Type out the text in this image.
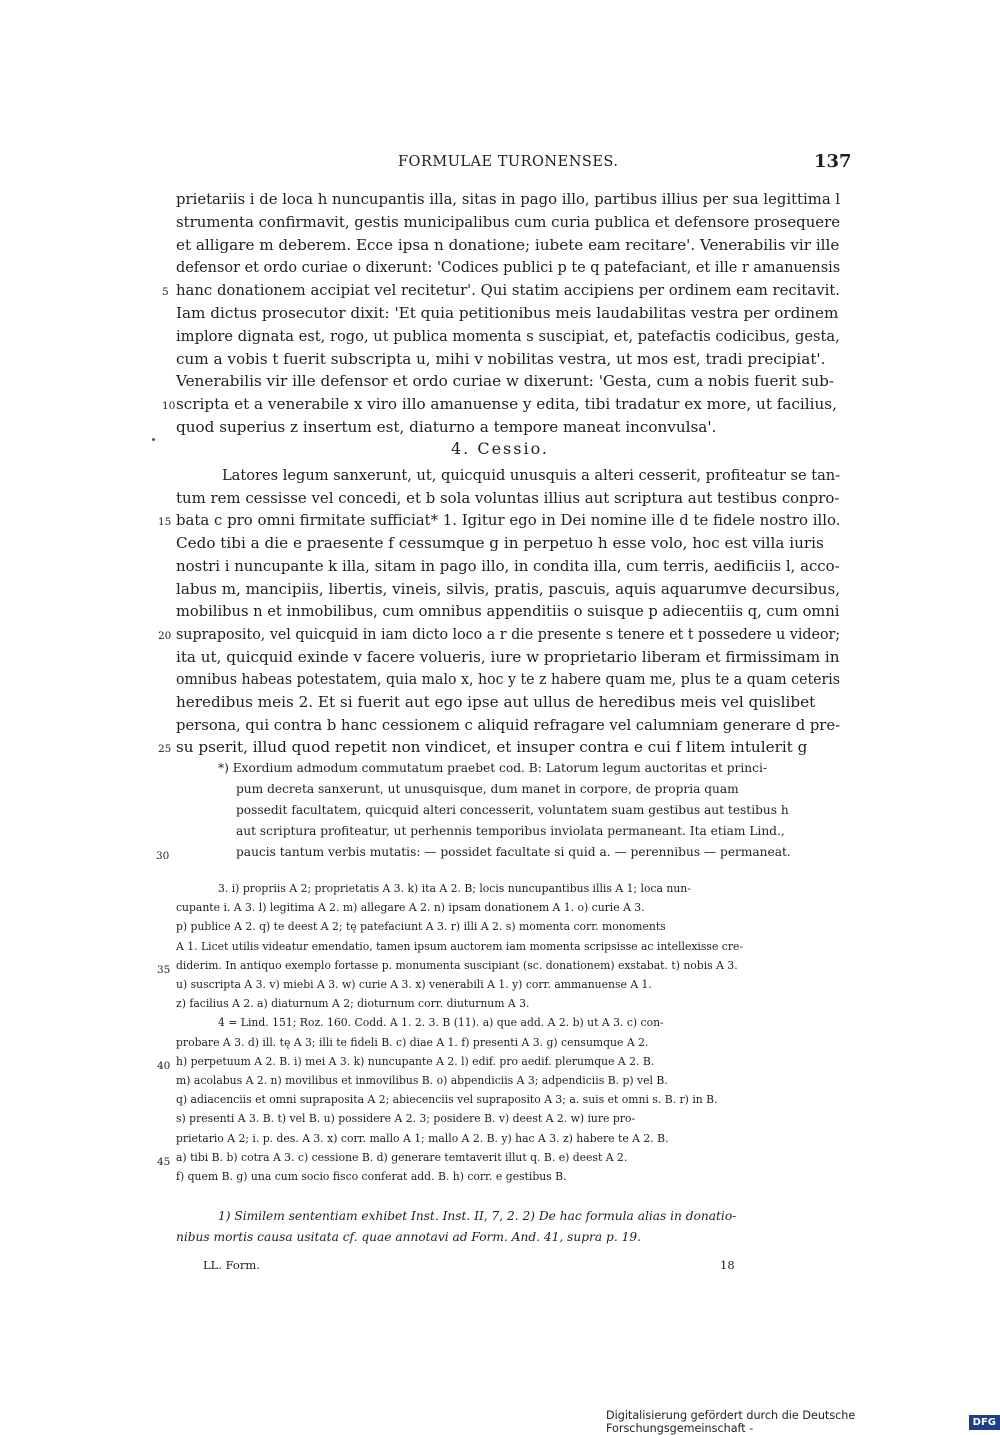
FORMULAE TURONENSES.	137
prietariis i de loca h nuncupantis illa, sitas in pago illo, partibus illius per sua legittima l
strumenta confirmavit, gestis municipalibus cum curia publica et defensore prosequere
et alligare m deberem. Ecce ipsa n donatione; iubete eam recitare'. Venerabilis vir ille
defensor et ordo curiae o dixerunt: 'Codices publici p te q patefaciant, et ille r amanuensis
5 hanc donationem accipiat vel recitetur'. Qui statim accipiens per ordinem eam recitavit.
Iam dictus prosecutor dixit: 'Et quia petitionibus meis laudabilitas vestra per ordinem
implore dignata est, rogo, ut publica momenta s suscipiat, et, patefactis codicibus, gesta,
cum a vobis t fuerit subscripta u, mihi v nobilitas vestra, ut mos est, tradi precipiat'.
Venerabilis vir ille defensor et ordo curiae w dixerunt: 'Gesta, cum a nobis fuerit sub-
10 scripta et a venerabile x viro illo amanuense y edita, tibi tradatur ex more, ut facilius,
quod superius z insertum est, diaturno a tempore maneat inconvulsa'.
Latores legum sanxerunt, ut, quicquid unusquis a alteri cesserit, profiteatur se tan-
tum rem cessisse vel concedi, et b sola voluntas illius aut scriptura aut testibus conpro-
15 bata c pro omni firmitate sufficiat* 1. Igitur ego in Dei nomine ille d te fidele nostro illo.
Cedo tibi a die e praesente f cessumque g in perpetuo h esse volo, hoc est villa iuris
nostri i nuncupante k illa, sitam in pago illo, in condita illa, cum terris, aedificiis l, acco-
labus m, mancipiis, libertis, vineis, silvis, pratis, pascuis, aquis aquarumve decursibus,
mobilibus n et inmobilibus, cum omnibus appenditiis o suisque p adiecentiis q, cum omni
20 supraposito, vel quicquid in iam dicto loco a r die presente s tenere et t possedere u videor;
ita ut, quicquid exinde v facere volueris, iure w proprietario liberam et firmissimam in
omnibus habeas potestatem, quia malo x, hoc y te z habere quam me, plus te a quam ceteris
heredibus meis 2. Et si fuerit aut ego ipse aut ullus de heredibus meis vel quislibet
persona, qui contra b hanc cessionem c aliquid refragare vel calumniam generare d pre-
25 su pserit, illud quod repetit non vindicet, et insuper contra e cui f litem intulerit g
4. Cessio.
*) Exordium admodum commutatum praebet cod. B: Latorum legum auctoritas et princi-
pum decreta sanxerunt, ut unusquisque, dum manet in corpore, de propria quam
possedit facultatem, quicquid alteri concesserit, voluntatem suam gestibus aut testibus h
aut scriptura profiteatur, ut perhennis temporibus inviolata permaneant. Ita etiam Lind.,
30	paucis tantum verbis mutatis: — possidet facultate si quid a. — perennibus — permaneat.
3. i) propriis A 2; proprietatis A 3. k) ita A 2. B; locis nuncupantibus illis A 1; loca nun-
cupante i. A 3. l) legitima A 2. m) allegare A 2. n) ipsam donationem A 1. o) curie A 3.
p) publice A 2. q) te deest A 2; tę patefaciunt A 3. r) illi A 2. s) momenta corr. monoments
A 1. Licet utilis videatur emendatio, tamen ipsum auctorem iam momenta scripsisse ac intellexisse cre-
35 diderim. In antiquo exemplo fortasse p. monumenta suscipiant (sc. donationem) exstabat. t) nobis A 3.
u) suscripta A 3. v) miebi A 3. w) curie A 3. x) venerabili A 1. y) corr. ammanuense A 1.
z) facilius A 2. a) diaturnum A 2; dioturnum corr. diuturnum A 3.
4 = Lind. 151; Roz. 160. Codd. A 1. 2. 3. B (11). a) que add. A 2. b) ut A 3. c) con-
probare A 3. d) ill. tę A 3; illi te fideli B. c) diae A 1. f) presenti A 3. g) censumque A 2.
40 h) perpetuum A 2. B. i) mei A 3. k) nuncupante A 2. l) edif. pro aedif. plerumque A 2. B.
m) acolabus A 2. n) movilibus et inmovilibus B. o) abpendiciis A 3; adpendiciis B. p) vel B.
q) adiacenciis et omni supraposita A 2; abiecenciis vel supraposito A 3; a. suis et omni s. B. r) in B.
s) presenti A 3. B. t) vel B. u) possidere A 2. 3; posidere B. v) deest A 2. w) iure pro-
prietario A 2; i. p. des. A 3. x) corr. mallo A 1; mallo A 2. B. y) hac A 3. z) habere te A 2. B.
45 a) tibi B. b) cotra A 3. c) cessione B. d) generare temtaverit illut q. B. e) deest A 2.
f) quem B. g) una cum socio fisco conferat add. B. h) corr. e gestibus B.
1) Similem sententiam exhibet Inst. Inst. II, 7, 2. 2) De hac formula alias in donatio-
nibus mortis causa usitata cf. quae annotavi ad Form. And. 41, supra p. 19.
LL. Form.	18
Digitalisierung gefördert durch die Deutsche Forschungsgemeinschaft -	DFG
